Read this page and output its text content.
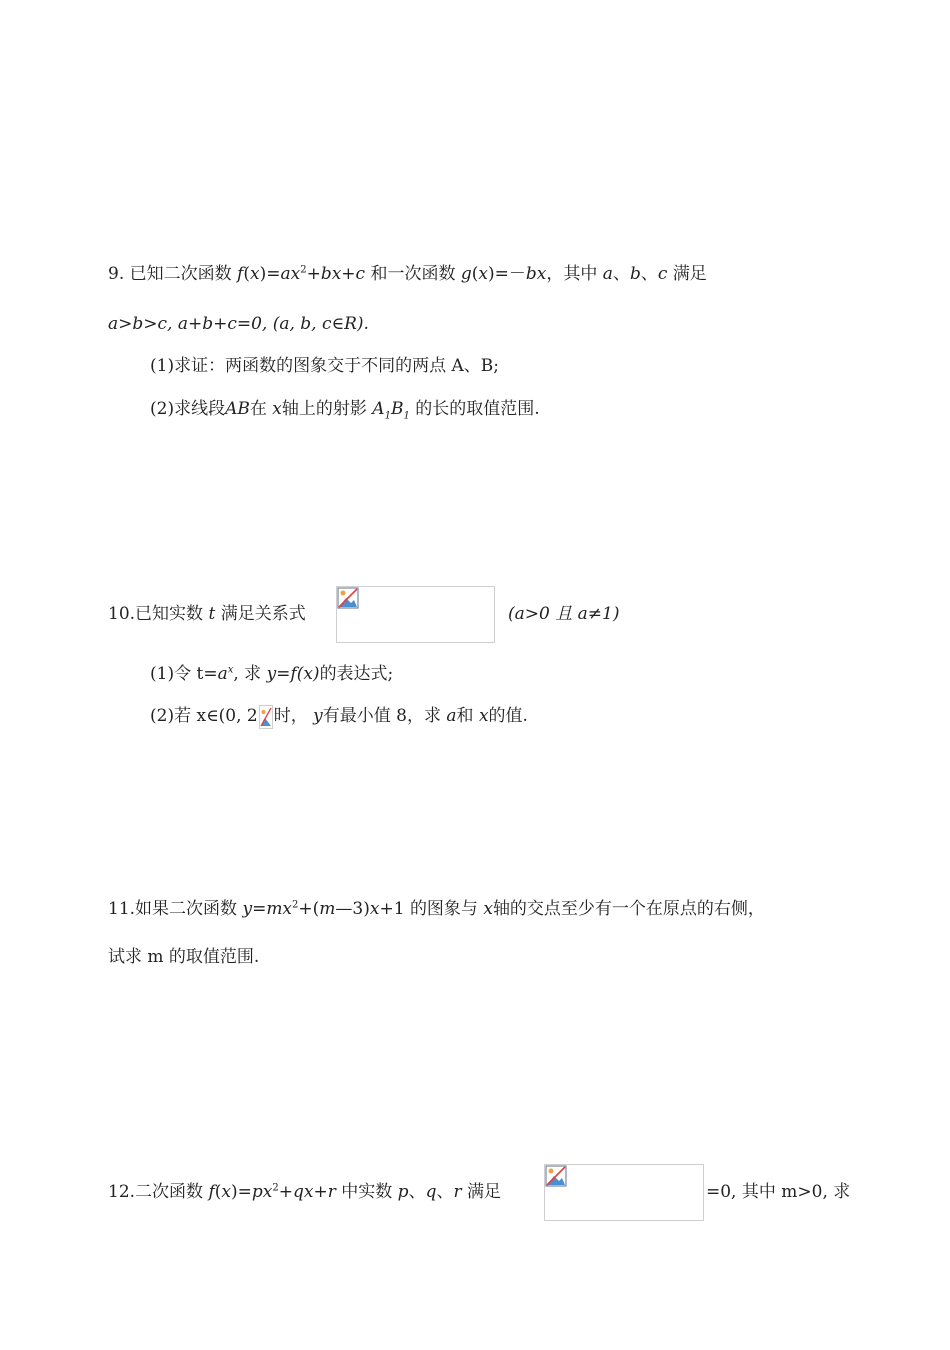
9. 已知二次函数 $f(x)=ax^2+bx+c$ 和一次函数 g(x)=－bx，其中 a、b、c 满足
a>b>c, a+b+c=0, (a, b, c∈R).
(1)求证：两函数的图象交于不同的两点 A、B;
(2)求线段AB在 x轴上的射影 $A_1B_1$ 的长的取值范围.
10.已知实数 t 满足关系式	(a>0 且 a≠1)
(1)令 $t=a^x$, 求 y=f(x)的表达式;
(2)若 x∈(0, 2 时， y有最小值 8，求 a和 x的值.
11.如果二次函数 $y=mx^2+(m—3)x+1$ 的图象与 x轴的交点至少有一个在原点的右侧，
试求 m 的取值范围.
12.二次函数 $f(x)=px^2+qx+r$ 中实数 p、q、r 满足	=0, 其中 m>0, 求
